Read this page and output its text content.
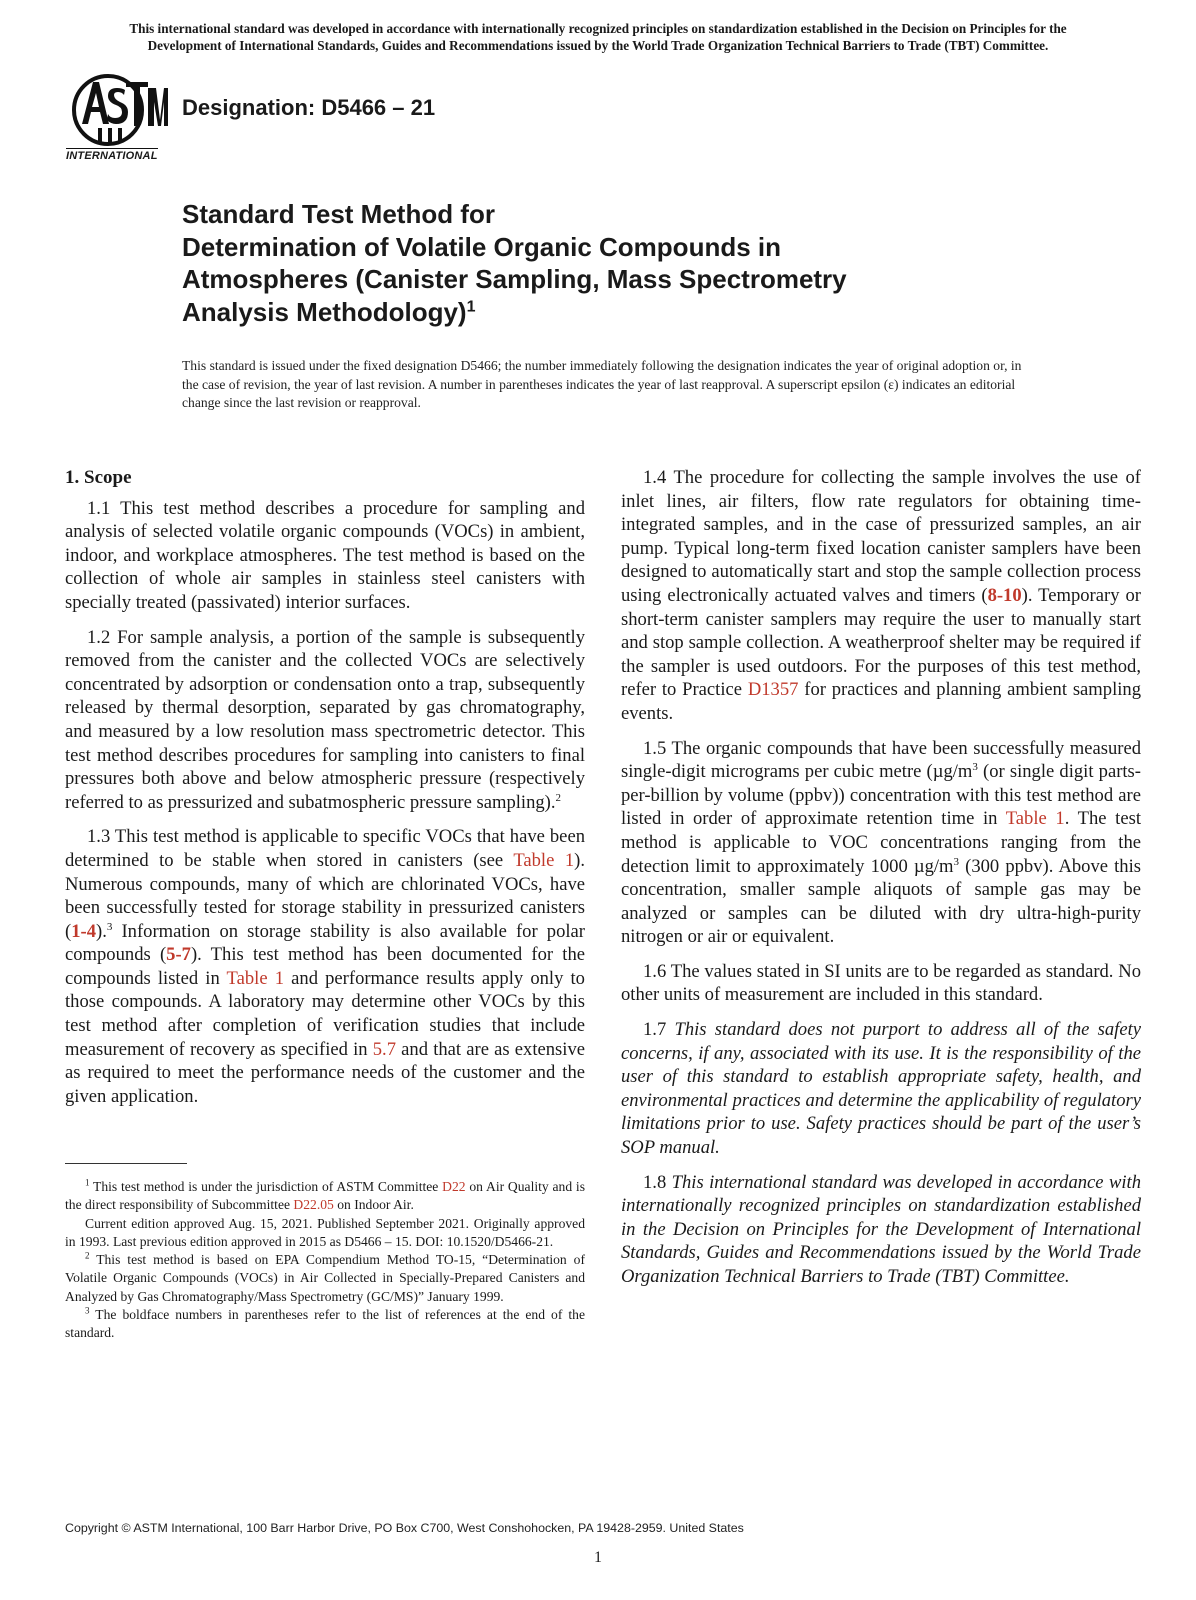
This international standard was developed in accordance with internationally recognized principles on standardization established in the Decision on Principles for the
Development of International Standards, Guides and Recommendations issued by the World Trade Organization Technical Barriers to Trade (TBT) Committee.
INTERNATIONAL
Designation: D5466 – 21
Standard Test Method for
Determination of Volatile Organic Compounds in
Atmospheres (Canister Sampling, Mass Spectrometry
Analysis Methodology)$^1$
This standard is issued under the fixed designation D5466; the number immediately following the designation indicates the year of original adoption or, in the case of revision, the year of last revision. A number in parentheses indicates the year of last reapproval. A superscript epsilon (ε) indicates an editorial change since the last revision or reapproval.
1. Scope

1.1 This test method describes a procedure for sampling and analysis of selected volatile organic compounds (VOCs) in ambient, indoor, and workplace atmospheres. The test method is based on the collection of whole air samples in stainless steel canisters with specially treated (passivated) interior surfaces.

1.2 For sample analysis, a portion of the sample is subsequently removed from the canister and the collected VOCs are selectively concentrated by adsorption or condensation onto a trap, subsequently released by thermal desorption, separated by gas chromatography, and measured by a low resolution mass spectrometric detector. This test method describes procedures for sampling into canisters to final pressures both above and below atmospheric pressure (respectively referred to as pressurized and subatmospheric pressure sampling).$^2$

1.3 This test method is applicable to specific VOCs that have been determined to be stable when stored in canisters (see Table 1). Numerous compounds, many of which are chlorinated VOCs, have been successfully tested for storage stability in pressurized canisters (1-4).$^3$ Information on storage stability is also available for polar compounds (5-7). This test method has been documented for the compounds listed in Table 1 and performance results apply only to those compounds. A laboratory may determine other VOCs by this test method after completion of verification studies that include measurement of recovery as specified in 5.7 and that are as extensive as required to meet the performance needs of the customer and the given application.

$^1$ This test method is under the jurisdiction of ASTM Committee D22 on Air Quality and is the direct responsibility of Subcommittee D22.05 on Indoor Air.

Current edition approved Aug. 15, 2021. Published September 2021. Originally approved in 1993. Last previous edition approved in 2015 as D5466 – 15. DOI: 10.1520/D5466-21.

$^2$ This test method is based on EPA Compendium Method TO-15, “Determination of Volatile Organic Compounds (VOCs) in Air Collected in Specially-Prepared Canisters and Analyzed by Gas Chromatography/Mass Spectrometry (GC/MS)” January 1999.

$^3$ The boldface numbers in parentheses refer to the list of references at the end of the standard.

1.4 The procedure for collecting the sample involves the use of inlet lines, air filters, flow rate regulators for obtaining time-integrated samples, and in the case of pressurized samples, an air pump. Typical long-term fixed location canister samplers have been designed to automatically start and stop the sample collection process using electronically actuated valves and timers (8-10). Temporary or short-term canister samplers may require the user to manually start and stop sample collection. A weatherproof shelter may be required if the sampler is used outdoors. For the purposes of this test method, refer to Practice D1357 for practices and planning ambient sampling events.

1.5 The organic compounds that have been successfully measured single-digit micrograms per cubic metre ($\mu g/m^3$ (or single digit parts-per-billion by volume (ppbv)) concentration with this test method are listed in order of approximate retention time in Table 1. The test method is applicable to VOC concentrations ranging from the detection limit to approximately 1000 $\mu g/m^3$ (300 ppbv). Above this concentration, smaller sample aliquots of sample gas may be analyzed or samples can be diluted with dry ultra-high-purity nitrogen or air or equivalent.

1.6 The values stated in SI units are to be regarded as standard. No other units of measurement are included in this standard.

1.7 This standard does not purport to address all of the safety concerns, if any, associated with its use. It is the responsibility of the user of this standard to establish appropriate safety, health, and environmental practices and determine the applicability of regulatory limitations prior to use. Safety practices should be part of the user’s SOP manual.

1.8 This international standard was developed in accordance with internationally recognized principles on standardization established in the Decision on Principles for the Development of International Standards, Guides and Recommendations issued by the World Trade Organization Technical Barriers to Trade (TBT) Committee.

Copyright © ASTM International, 100 Barr Harbor Drive, PO Box C700, West Conshohocken, PA 19428-2959. United States
1
